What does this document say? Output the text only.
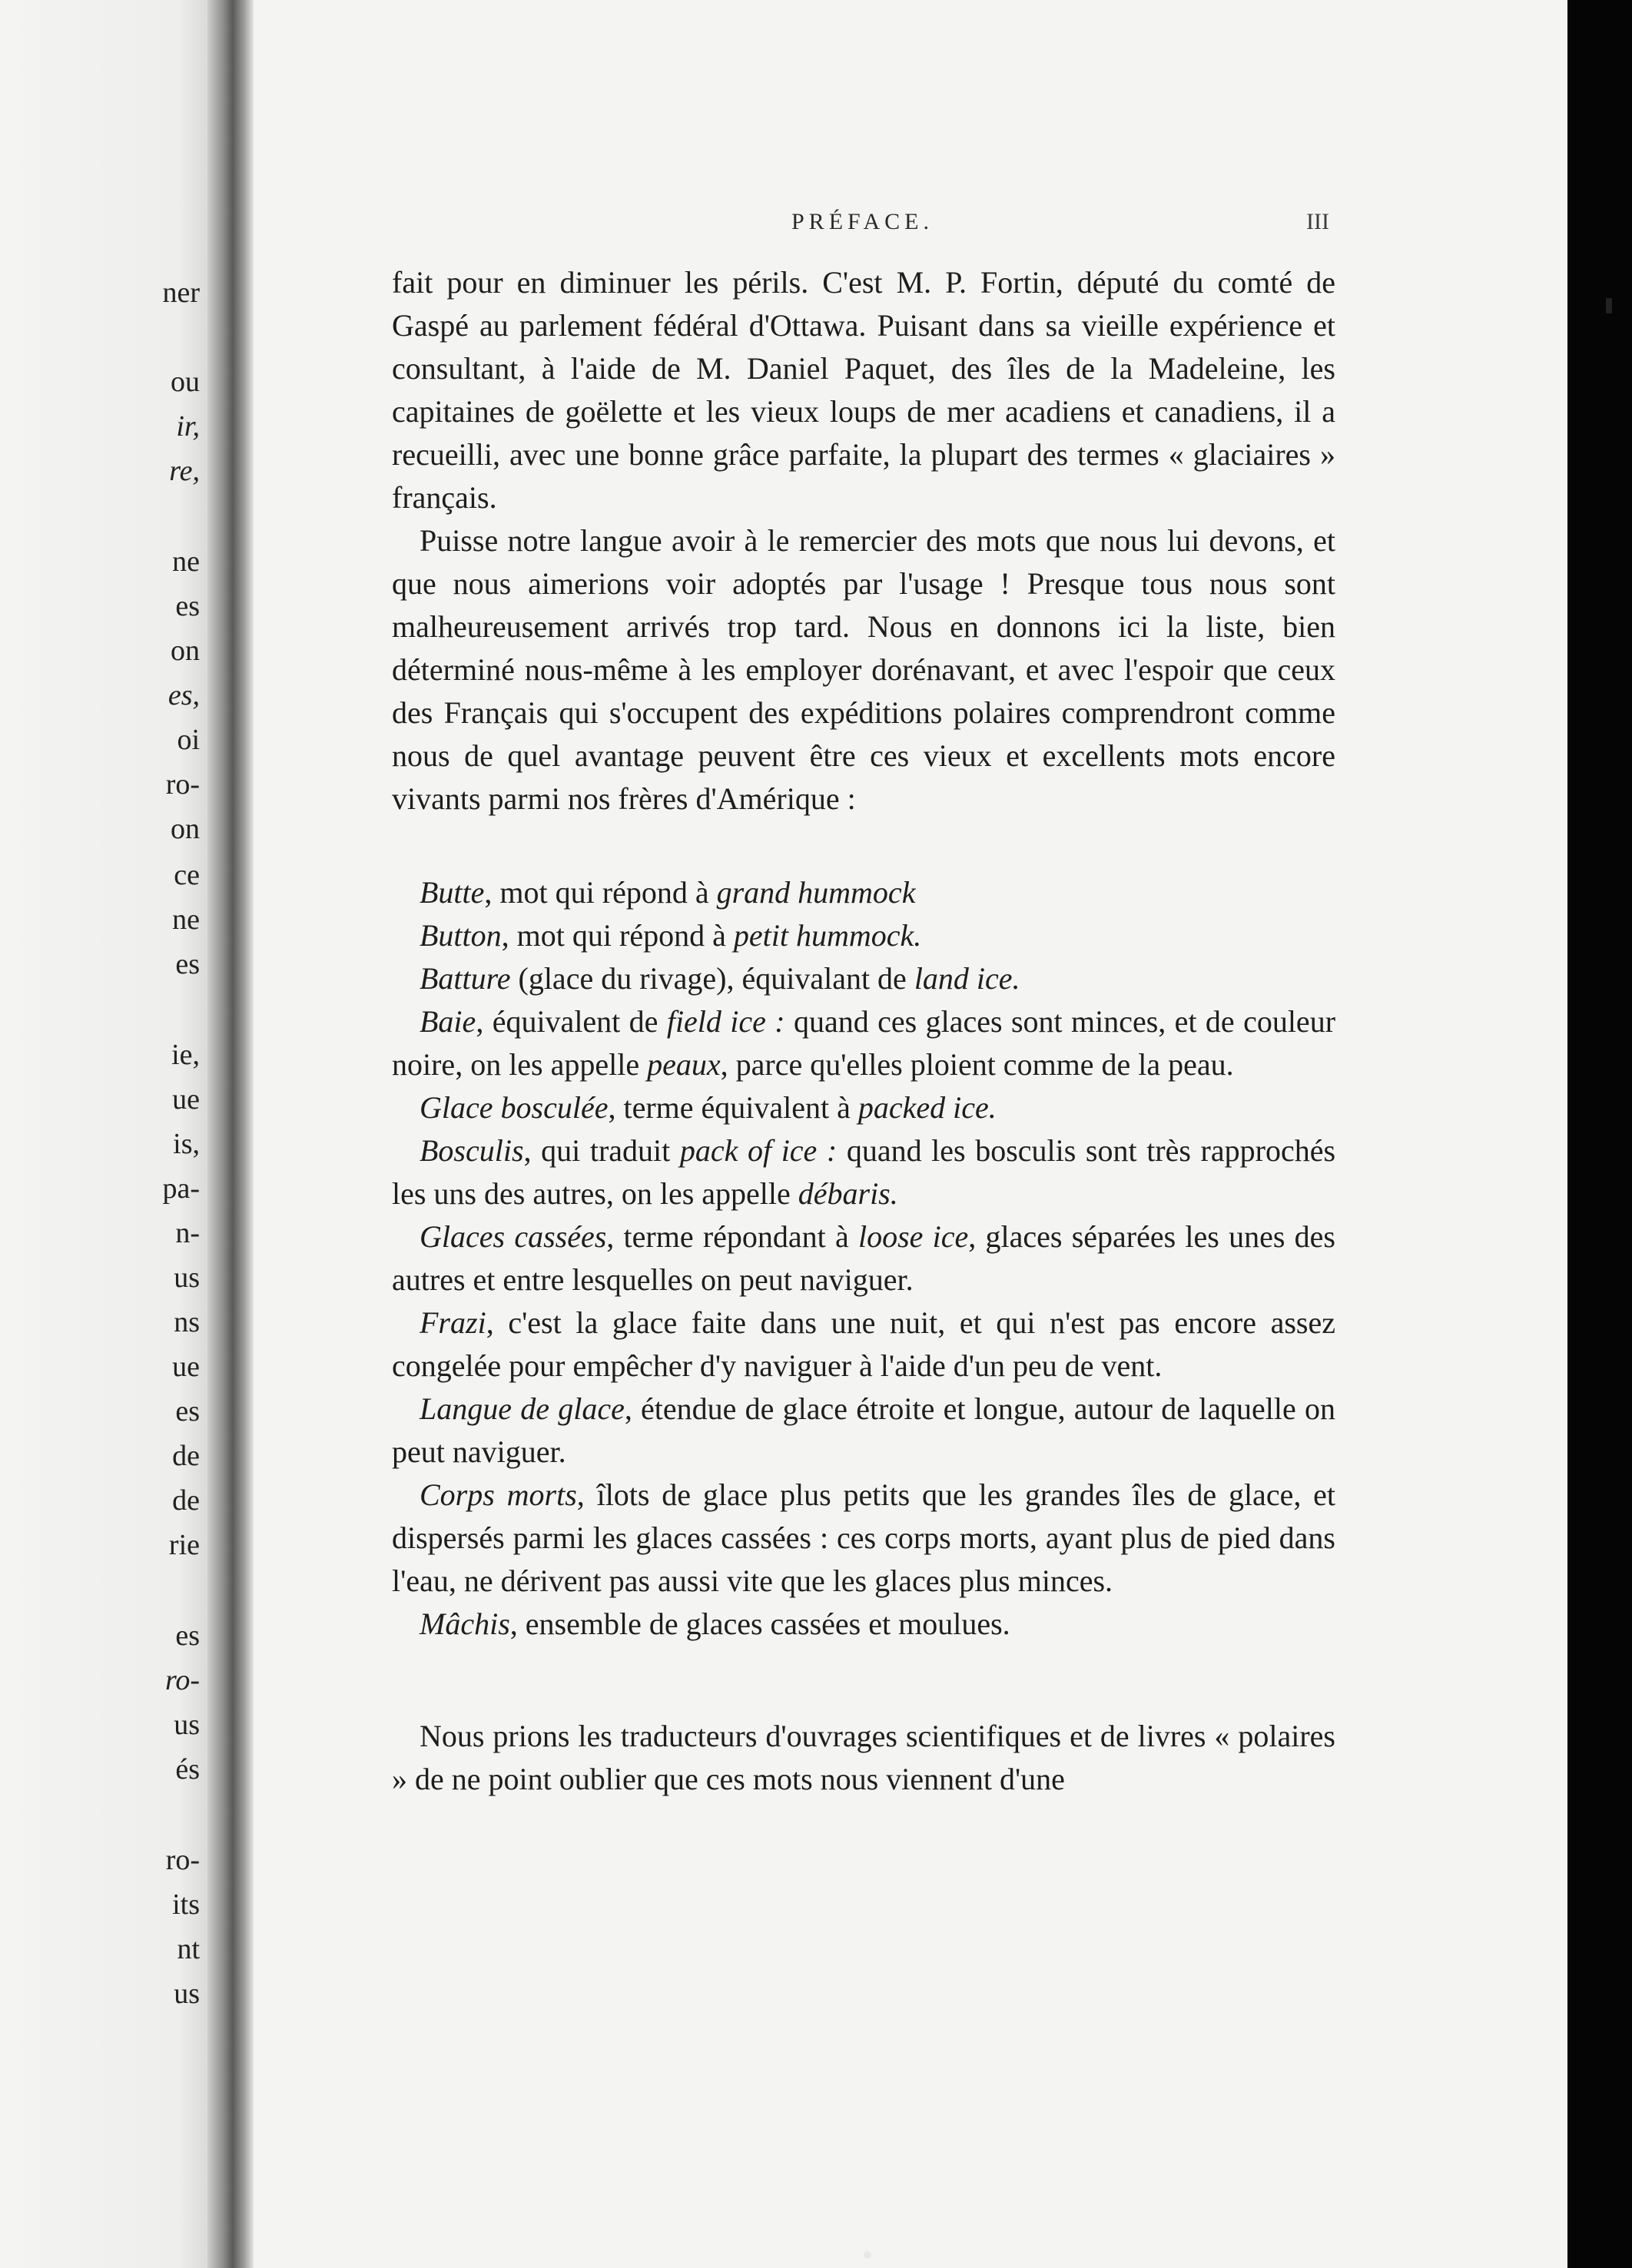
ner
ou
ir,
re,
ne
es
on
es,
oi
ro-
on
ce
ne
es
ie,
ue
is,
pa-
n-
us
ns
ue
es
de
de
rie
es
ro-
us
és
ro-
its
nt
us
PRÉFACE.	III

fait pour en diminuer les périls. C'est M. P. Fortin, député du comté de Gaspé au parlement fédéral d'Ottawa. Puisant dans sa vieille expérience et consultant, à l'aide de M. Daniel Paquet, des îles de la Madeleine, les capitaines de goëlette et les vieux loups de mer acadiens et canadiens, il a recueilli, avec une bonne grâce parfaite, la plupart des termes « glaciaires » français.

Puisse notre langue avoir à le remercier des mots que nous lui devons, et que nous aimerions voir adoptés par l'usage ! Presque tous nous sont malheureusement arrivés trop tard. Nous en donnons ici la liste, bien déterminé nous-même à les employer dorénavant, et avec l'espoir que ceux des Français qui s'occupent des expéditions polaires comprendront comme nous de quel avantage peuvent être ces vieux et excellents mots encore vivants parmi nos frères d'Amérique :

Butte, mot qui répond à grand hummock

Button, mot qui répond à petit hummock.

Batture (glace du rivage), équivalant de land ice.

Baie, équivalent de field ice : quand ces glaces sont minces, et de couleur noire, on les appelle peaux, parce qu'elles ploient comme de la peau.

Glace bosculée, terme équivalent à packed ice.

Bosculis, qui traduit pack of ice : quand les bosculis sont très rapprochés les uns des autres, on les appelle débaris.

Glaces cassées, terme répondant à loose ice, glaces séparées les unes des autres et entre lesquelles on peut naviguer.

Frazi, c'est la glace faite dans une nuit, et qui n'est pas encore assez congelée pour empêcher d'y naviguer à l'aide d'un peu de vent.

Langue de glace, étendue de glace étroite et longue, autour de laquelle on peut naviguer.

Corps morts, îlots de glace plus petits que les grandes îles de glace, et dispersés parmi les glaces cassées : ces corps morts, ayant plus de pied dans l'eau, ne dérivent pas aussi vite que les glaces plus minces.

Mâchis, ensemble de glaces cassées et moulues.

Nous prions les traducteurs d'ouvrages scientifiques et de livres « polaires » de ne point oublier que ces mots nous viennent d'une
